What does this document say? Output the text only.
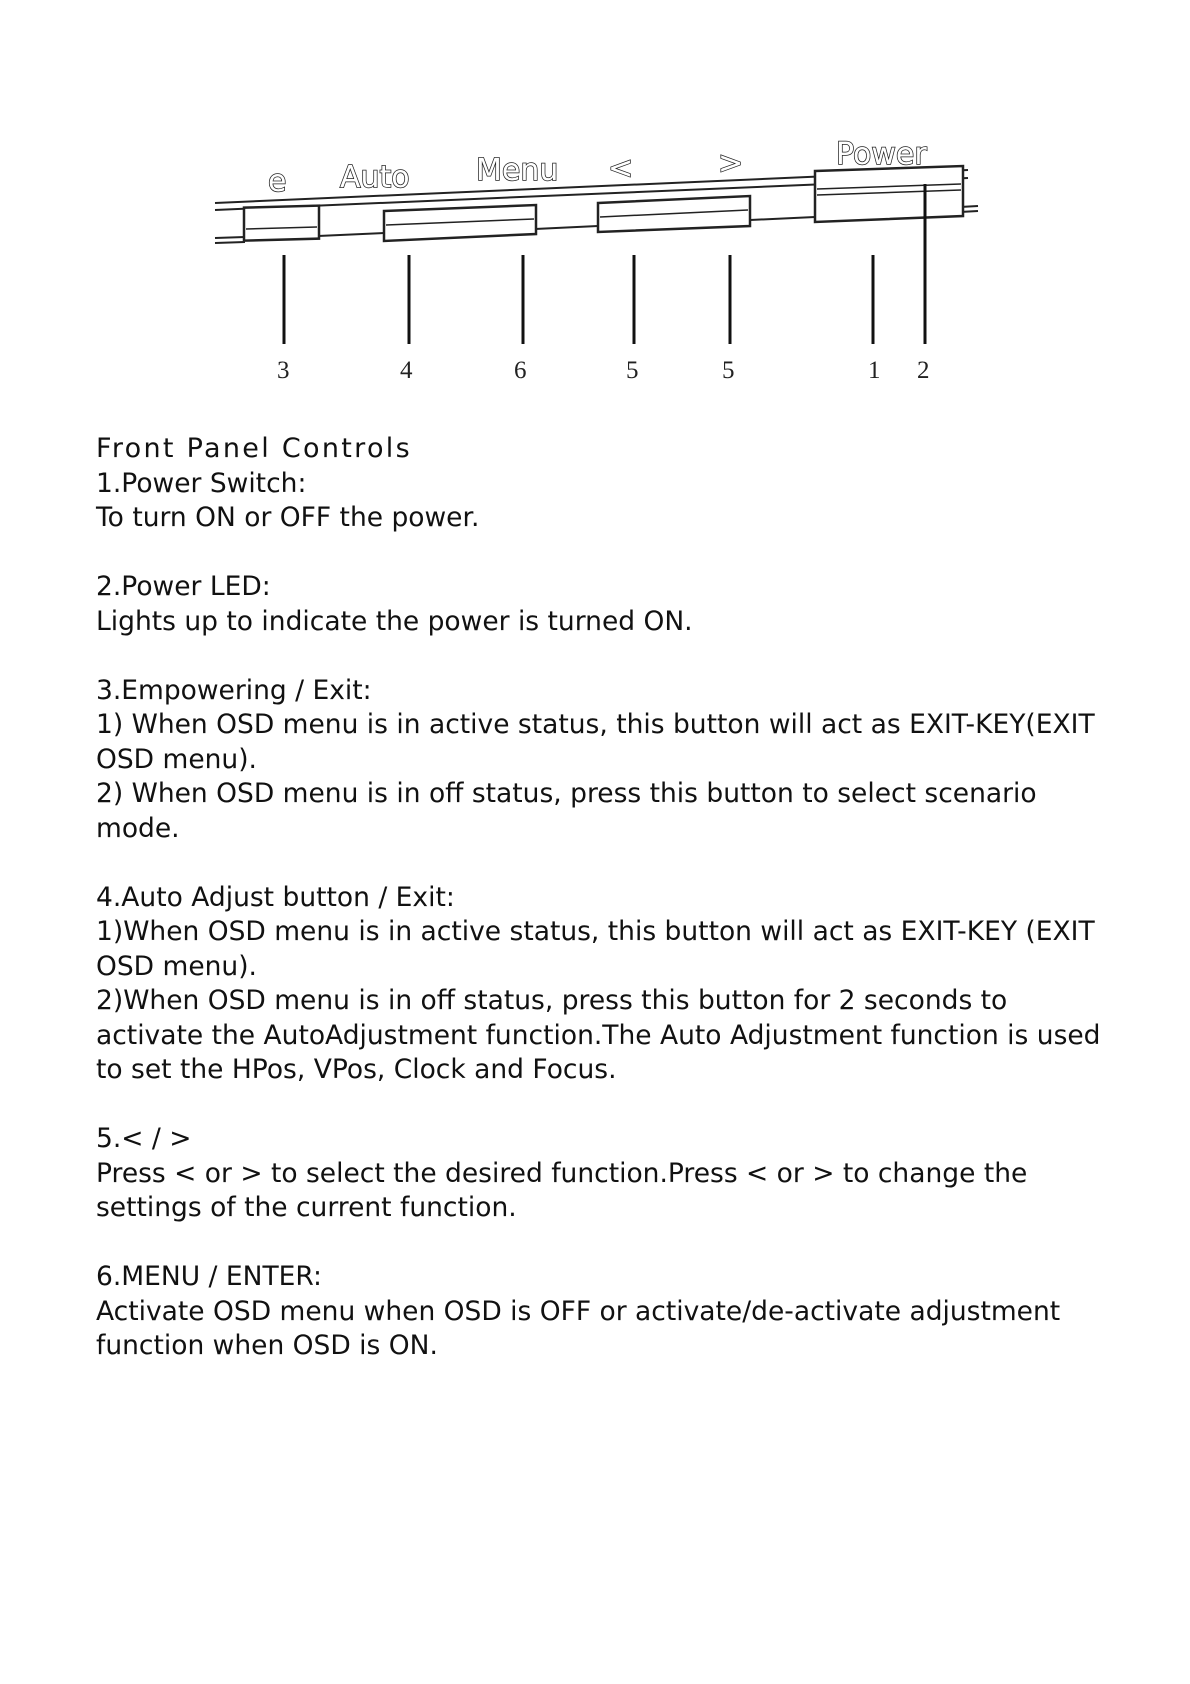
e Auto Menu <	>	Power
3	4	6	5	5	1 2

Front Panel Controls

1.Power Switch:

To turn ON or OFF the power.

2.Power LED:

Lights up to indicate the power is turned ON.

3.Empowering / Exit:

1) When OSD menu is in active status, this button will act as EXIT-KEY(EXIT OSD menu).

2) When OSD menu is in off status, press this button to select scenario mode.

4.Auto Adjust button / Exit:

1)When OSD menu is in active status, this button will act as EXIT-KEY (EXIT OSD menu).

2)When OSD menu is in off status, press this button for 2 seconds to activate the AutoAdjustment function.The Auto Adjustment function is used to set the HPos, VPos, Clock and Focus.

5.< / >

Press < or > to select the desired function.Press < or > to change the settings of the current function.

6.MENU / ENTER:

Activate OSD menu when OSD is OFF or activate/de-activate adjustment function when OSD is ON.
